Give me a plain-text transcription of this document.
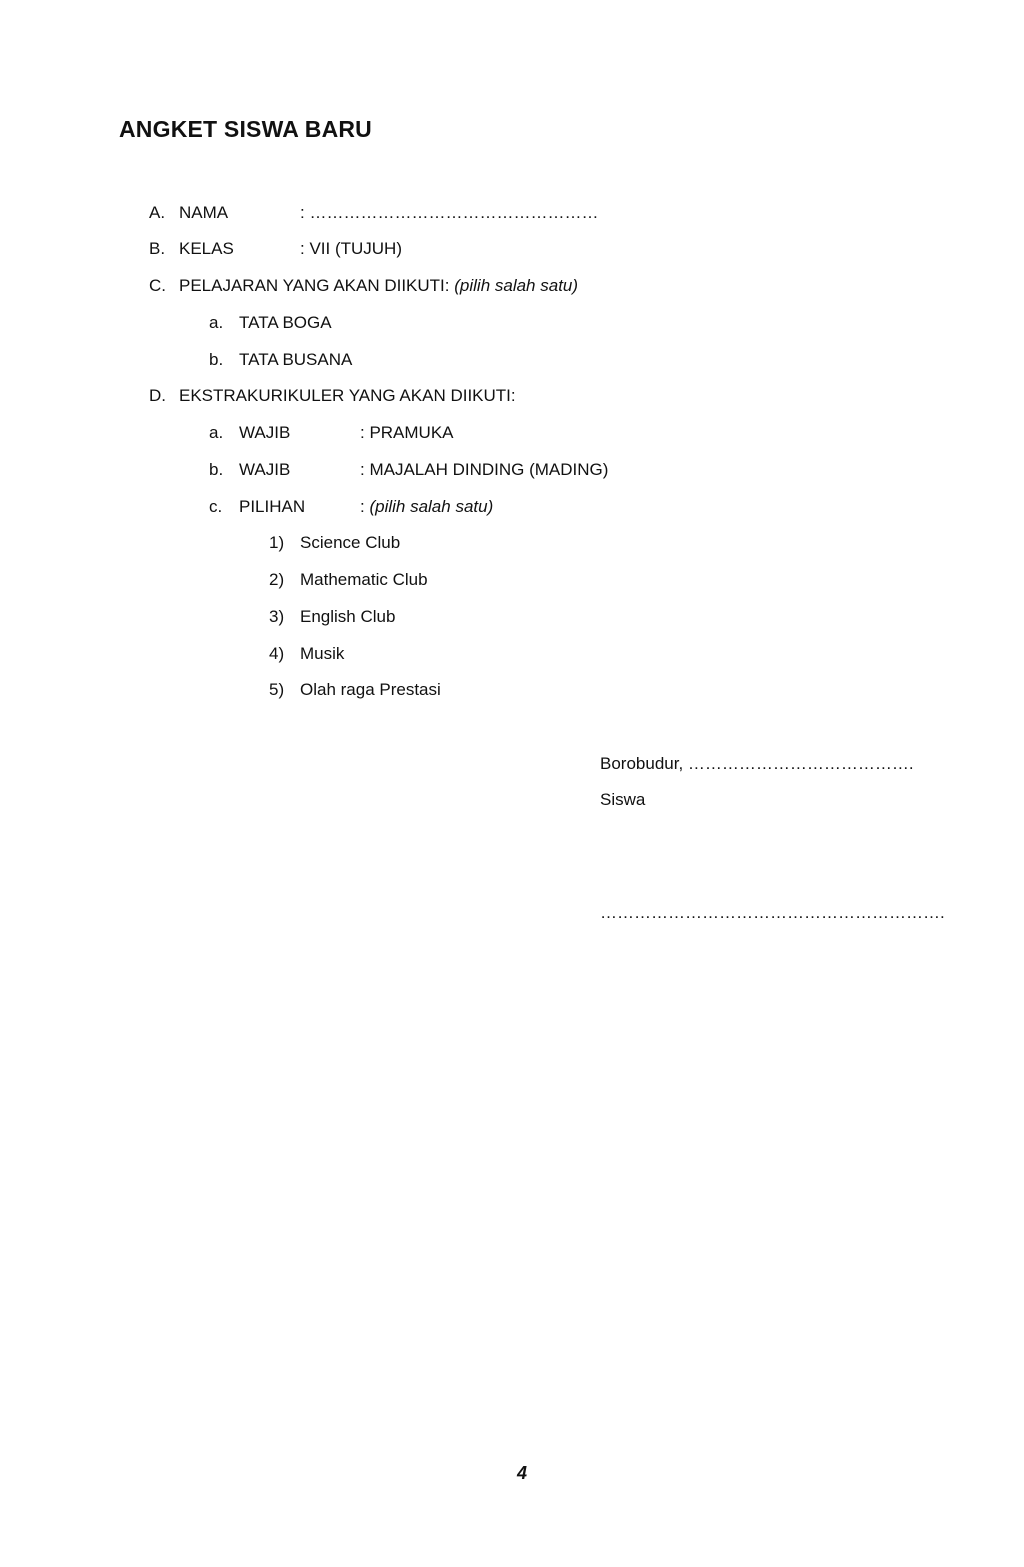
ANGKET SISWA BARU
A. NAMA	: ……………………………………………
B. KELAS	: VII (TUJUH)
C. PELAJARAN YANG AKAN DIIKUTI: (pilih salah satu)
a. TATA BOGA
b. TATA BUSANA
D. EKSTRAKURIKULER YANG AKAN DIIKUTI:
a. WAJIB	: PRAMUKA
b. WAJIB	: MAJALAH DINDING (MADING)
c. PILIHAN	: (pilih salah satu)
1) Science Club
2) Mathematic Club
3) English Club
4) Musik
5) Olah raga Prestasi
Borobudur, ………………………………….
Siswa
…………………………………………………….
4
